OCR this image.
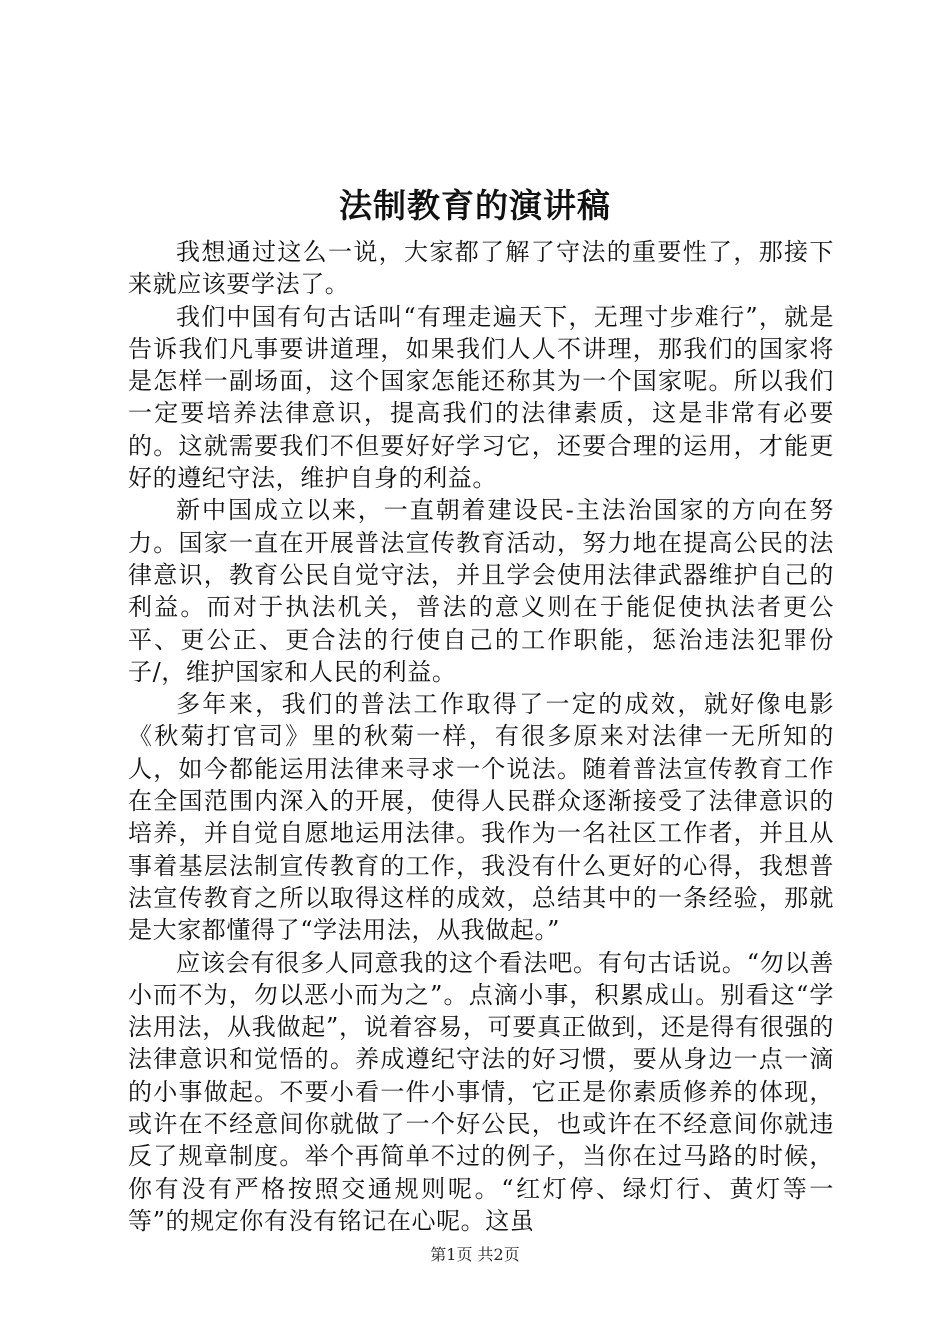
法制教育的演讲稿

我想通过这么一说，大家都了解了守法的重要性了，那接下来就应该要学法了。

我们中国有句古话叫“有理走遍天下，无理寸步难行”，就是告诉我们凡事要讲道理，如果我们人人不讲理，那我们的国家将是怎样一副场面，这个国家怎能还称其为一个国家呢。所以我们一定要培养法律意识，提高我们的法律素质，这是非常有必要的。这就需要我们不但要好好学习它，还要合理的运用，才能更好的遵纪守法，维护自身的利益。

新中国成立以来，一直朝着建设民-主法治国家的方向在努力。国家一直在开展普法宣传教育活动，努力地在提高公民的法律意识，教育公民自觉守法，并且学会使用法律武器维护自己的利益。而对于执法机关，普法的意义则在于能促使执法者更公平、更公正、更合法的行使自己的工作职能，惩治违法犯罪份子/，维护国家和人民的利益。

多年来，我们的普法工作取得了一定的成效，就好像电影《秋菊打官司》里的秋菊一样，有很多原来对法律一无所知的人，如今都能运用法律来寻求一个说法。随着普法宣传教育工作在全国范围内深入的开展，使得人民群众逐渐接受了法律意识的培养，并自觉自愿地运用法律。我作为一名社区工作者，并且从事着基层法制宣传教育的工作，我没有什么更好的心得，我想普法宣传教育之所以取得这样的成效，总结其中的一条经验，那就是大家都懂得了“学法用法，从我做起。”

应该会有很多人同意我的这个看法吧。有句古话说。“勿以善小而不为，勿以恶小而为之”。点滴小事，积累成山。别看这“学法用法，从我做起”，说着容易，可要真正做到，还是得有很强的法律意识和觉悟的。养成遵纪守法的好习惯，要从身边一点一滴的小事做起。不要小看一件小事情，它正是你素质修养的体现，或许在不经意间你就做了一个好公民，也或许在不经意间你就违反了规章制度。举个再简单不过的例子，当你在过马路的时候，你有没有严格按照交通规则呢。“红灯停、绿灯行、黄灯等一等”的规定你有没有铭记在心呢。这虽

第1页 共2页
